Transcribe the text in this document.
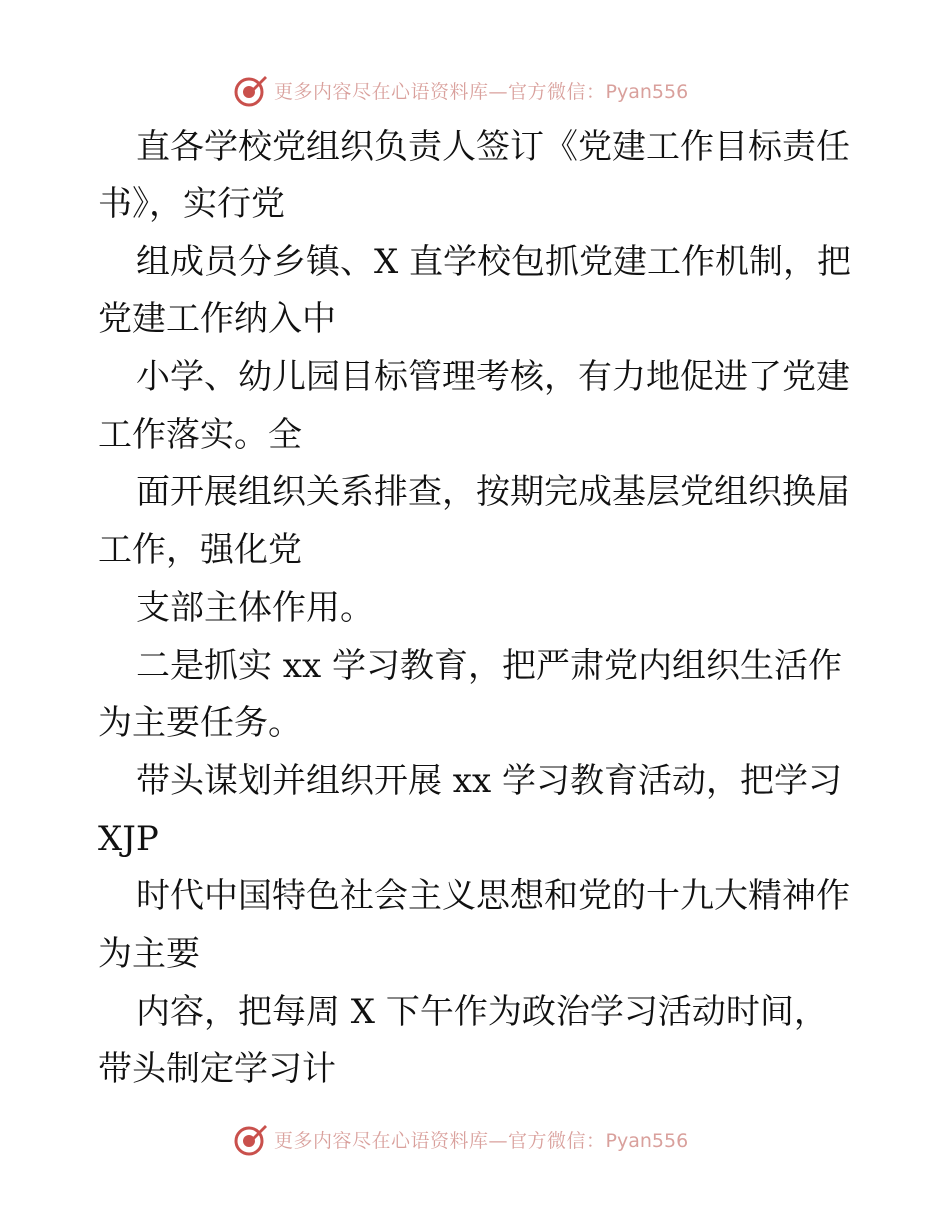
更多内容尽在心语资料库—官方微信：Pyan556
直各学校党组织负责人签订《党建工作目标责任
书》，实行党
组成员分乡镇、X 直学校包抓党建工作机制，把
党建工作纳入中
小学、幼儿园目标管理考核，有力地促进了党建
工作落实。全
面开展组织关系排查，按期完成基层党组织换届
工作，强化党
支部主体作用。
二是抓实 xx 学习教育，把严肃党内组织生活作
为主要任务。
带头谋划并组织开展 xx 学习教育活动，把学习
XJP
时代中国特色社会主义思想和党的十九大精神作
为主要
内容，把每周 X 下午作为政治学习活动时间，
带头制定学习计
更多内容尽在心语资料库—官方微信：Pyan556
